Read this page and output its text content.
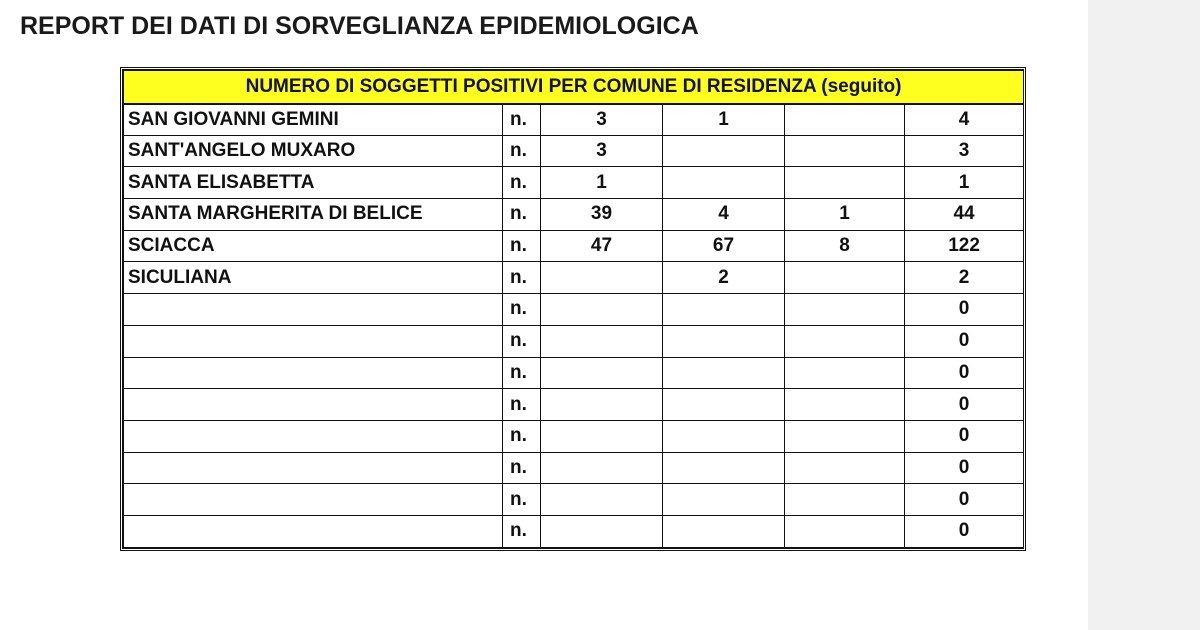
REPORT DEI DATI DI SORVEGLIANZA EPIDEMIOLOGICA
NUMERO DI SOGGETTI POSITIVI PER COMUNE DI RESIDENZA (seguito)					
SAN GIOVANNI GEMINI	n.	3	1		4
SANT'ANGELO MUXARO	n.	3			3
SANTA ELISABETTA	n.	1			1
SANTA MARGHERITA DI BELICE	n.	39	4	1	44
SCIACCA	n.	47	67	8	122
SICULIANA	n.		2		2
	n.				0
	n.				0
	n.				0
	n.				0
	n.				0
	n.				0
	n.				0
	n.				0
